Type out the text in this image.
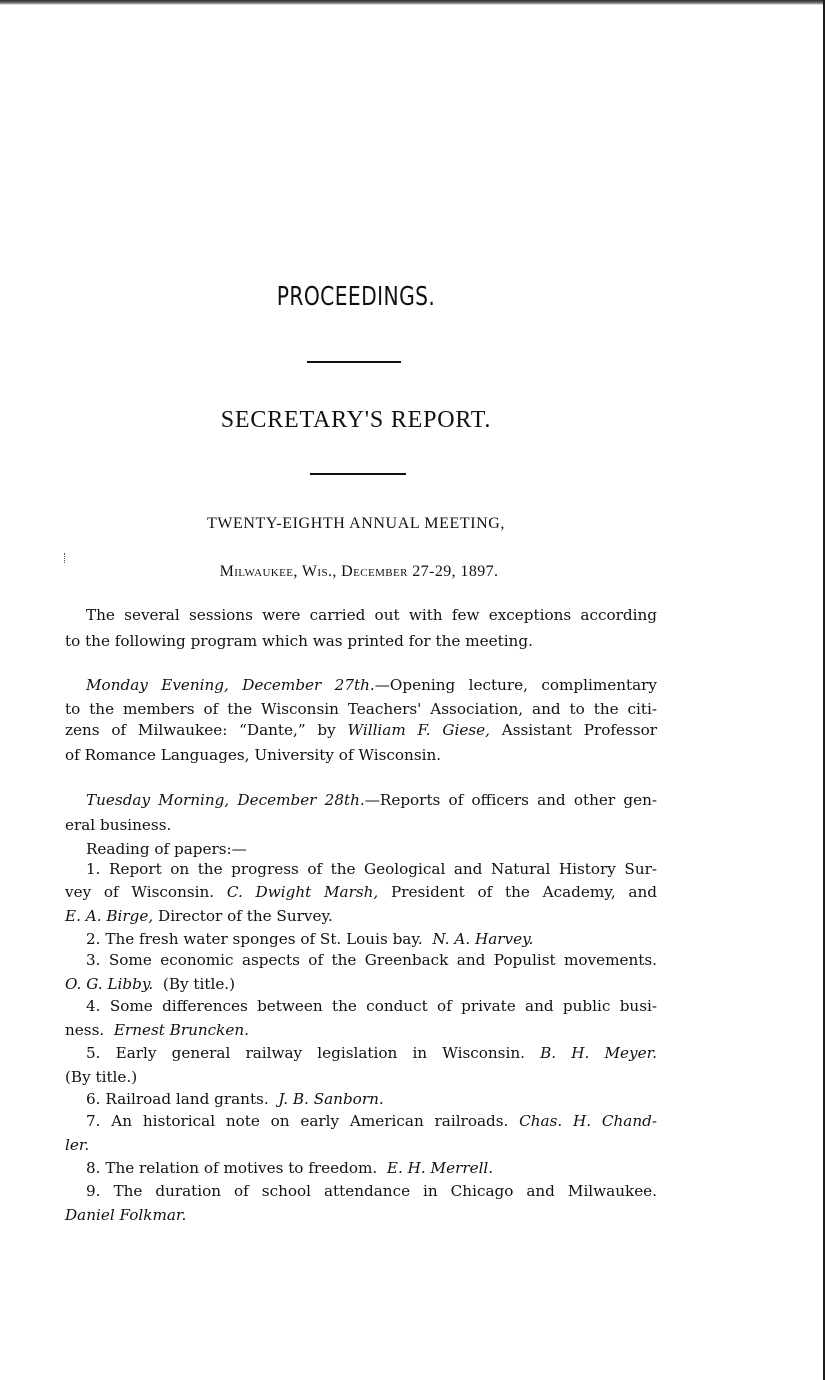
PROCEEDINGS.
SECRETARY'S REPORT.
TWENTY-EIGHTH ANNUAL MEETING,
Milwaukee, Wis., December 27-29, 1897.
The several sessions were carried out with few exceptions according
to the following program which was printed for the meeting.
Monday Evening, December 27th.—Opening lecture, complimentary
to the members of the Wisconsin Teachers' Association, and to the citi-
zens of Milwaukee: “Dante,” by William F. Giese, Assistant Professor
of Romance Languages, University of Wisconsin.
Tuesday Morning, December 28th.—Reports of officers and other gen-
eral business.
Reading of papers:—
1. Report on the progress of the Geological and Natural History Sur-
vey of Wisconsin. C. Dwight Marsh, President of the Academy, and
E. A. Birge, Director of the Survey.
2. The fresh water sponges of St. Louis bay. N. A. Harvey.
3. Some economic aspects of the Greenback and Populist movements.
O. G. Libby. (By title.)
4. Some differences between the conduct of private and public busi-
ness. Ernest Bruncken.
5. Early general railway legislation in Wisconsin. B. H. Meyer.
(By title.)
6. Railroad land grants. J. B. Sanborn.
7. An historical note on early American railroads. Chas. H. Chand-
ler.
8. The relation of motives to freedom. E. H. Merrell.
9. The duration of school attendance in Chicago and Milwaukee.
Daniel Folkmar.
